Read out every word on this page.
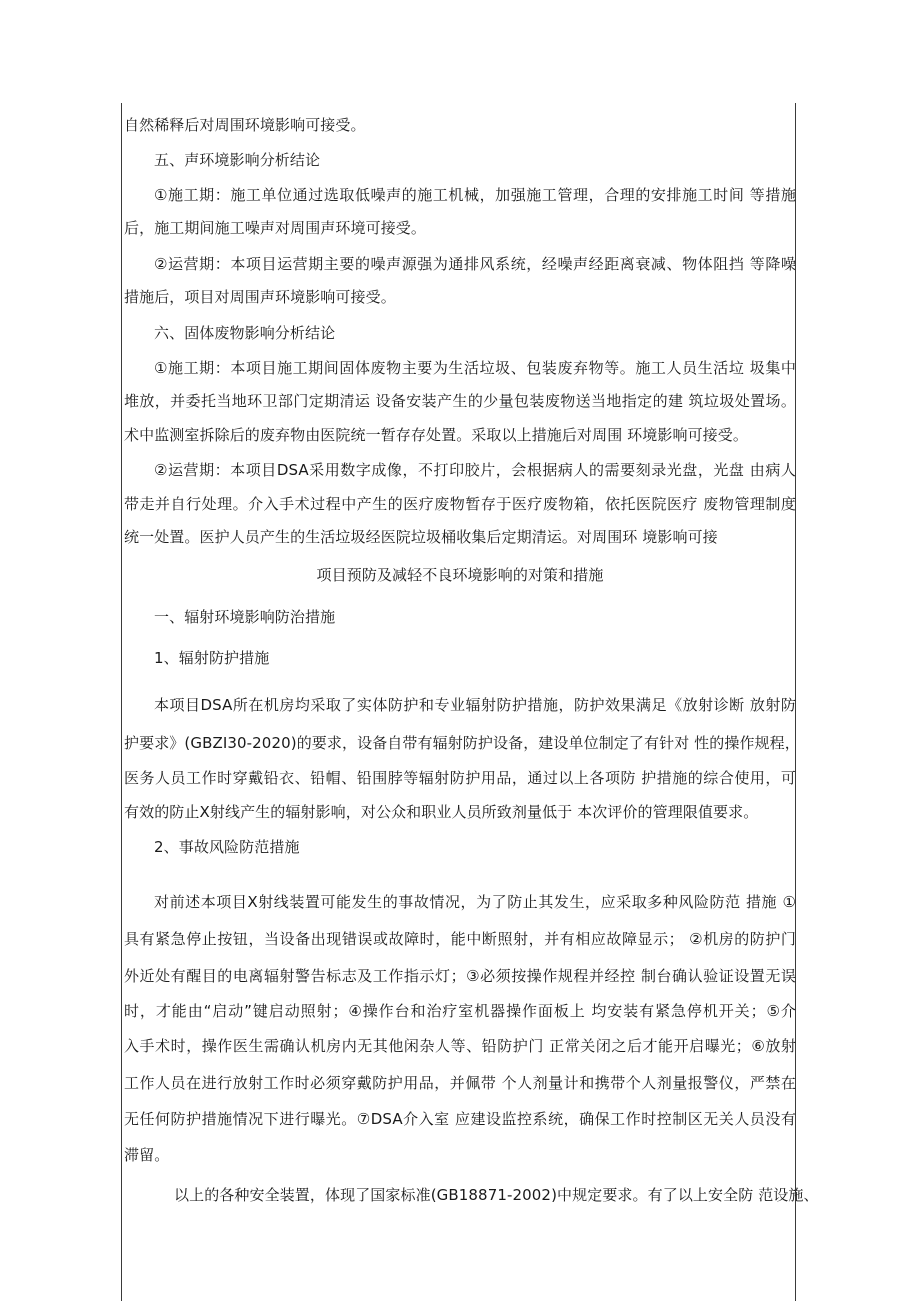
自然稀释后对周围环境影响可接受。
五、声环境影响分析结论
①施工期：施工单位通过选取低噪声的施工机械，加强施工管理，合理的安排施工时间 等措施
后，施工期间施工噪声对周围声环境可接受。
②运营期：本项目运营期主要的噪声源强为通排风系统，经噪声经距离衰减、物体阻挡 等降噪
措施后，项目对周围声环境影响可接受。
六、固体废物影响分析结论
①施工期：本项目施工期间固体废物主要为生活垃圾、包装废弃物等。施工人员生活垃 圾集中
堆放，并委托当地环卫部门定期清运 设备安装产生的少量包装废物送当地指定的建 筑垃圾处置场。
术中监测室拆除后的废弃物由医院统一暂存存处置。采取以上措施后对周围 环境影响可接受。
②运营期：本项目DSA采用数字成像，不打印胶片，会根据病人的需要刻录光盘，光盘 由病人
带走并自行处理。介入手术过程中产生的医疗废物暂存于医疗废物箱，依托医院医疗 废物管理制度
统一处置。医护人员产生的生活垃圾经医院垃圾桶收集后定期清运。对周围环 境影响可接
项目预防及减轻不良环境影响的对策和措施
一、辐射环境影响防治措施
1、辐射防护措施
本项目DSA所在机房均采取了实体防护和专业辐射防护措施，防护效果满足《放射诊断 放射防
护要求》(GBZI30-2020)的要求，设备自带有辐射防护设备，建设单位制定了有针对 性的操作规程，
医务人员工作时穿戴铅衣、铅帽、铅围脖等辐射防护用品，通过以上各项防 护措施的综合使用，可
有效的防止X射线产生的辐射影响，对公众和职业人员所致剂量低于 本次评价的管理限值要求。
2、事故风险防范措施
对前述本项目X射线装置可能发生的事故情况，为了防止其发生，应采取多种风险防范 措施 ①
具有紧急停止按钮，当设备出现错误或故障时，能中断照射，并有相应故障显示； ②机房的防护门
外近处有醒目的电离辐射警告标志及工作指示灯；③必须按操作规程并经控 制台确认验证设置无误
时，才能由“启动”键启动照射；④操作台和治疗室机器操作面板上 均安装有紧急停机开关；⑤介
入手术时，操作医生需确认机房内无其他闲杂人等、铅防护门 正常关闭之后才能开启曝光；⑥放射
工作人员在进行放射工作时必须穿戴防护用品，并佩带 个人剂量计和携带个人剂量报警仪，严禁在
无任何防护措施情况下进行曝光。⑦DSA介入室 应建设监控系统，确保工作时控制区无关人员没有
滞留。
以上的各种安全装置，体现了国家标准(GB18871-2002)中规定要求。有了以上安全防 范设施、
